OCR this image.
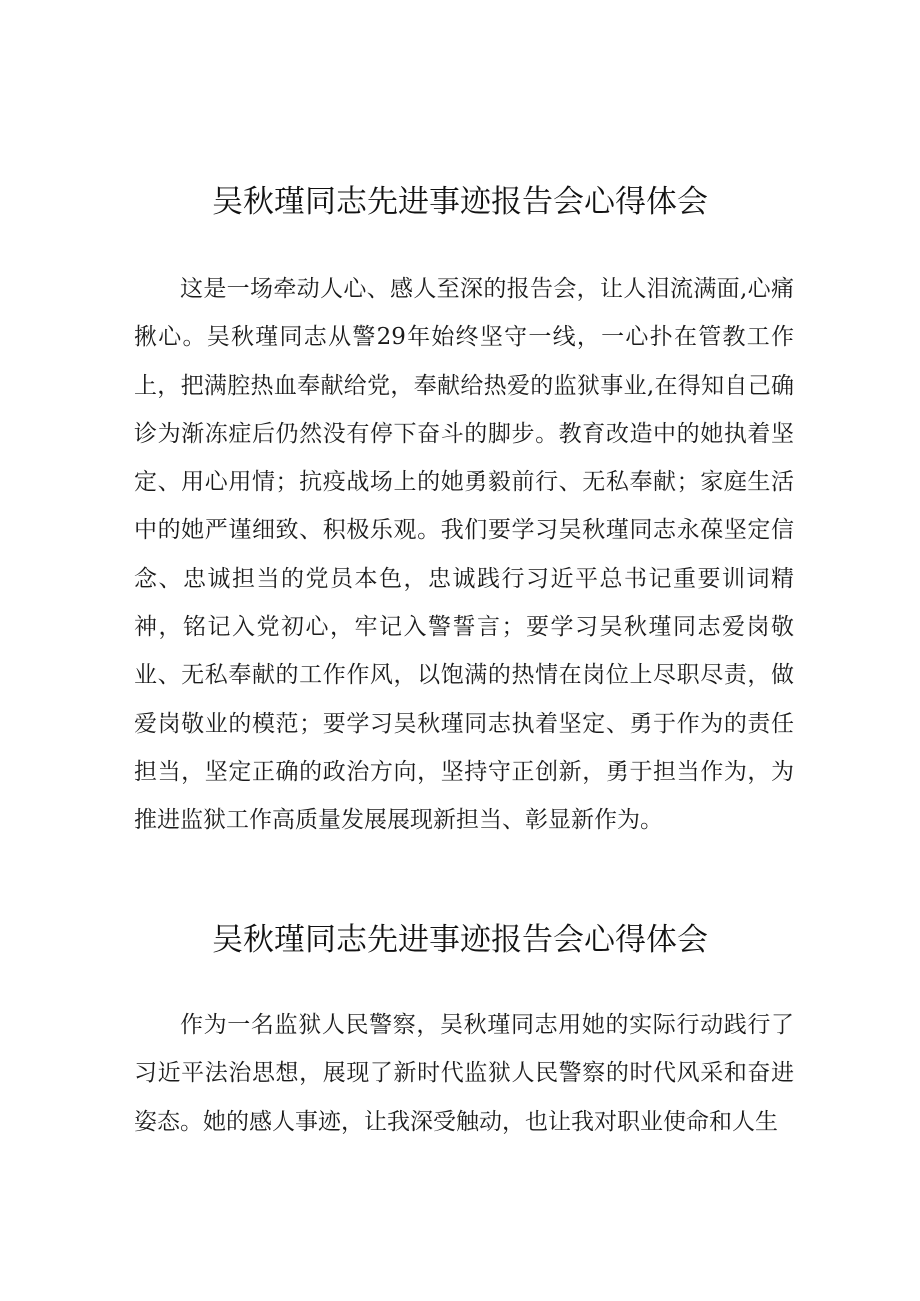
吴秋瑾同志先进事迹报告会心得体会

这是一场牵动人心、感人至深的报告会，让人泪流满面,心痛揪心。吴秋瑾同志从警29年始终坚守一线，一心扑在管教工作上，把满腔热血奉献给党，奉献给热爱的监狱事业,在得知自己确诊为渐冻症后仍然没有停下奋斗的脚步。教育改造中的她执着坚定、用心用情；抗疫战场上的她勇毅前行、无私奉献；家庭生活中的她严谨细致、积极乐观。我们要学习吴秋瑾同志永葆坚定信念、忠诚担当的党员本色，忠诚践行习近平总书记重要训词精神，铭记入党初心，牢记入警誓言；要学习吴秋瑾同志爱岗敬业、无私奉献的工作作风，以饱满的热情在岗位上尽职尽责，做爱岗敬业的模范；要学习吴秋瑾同志执着坚定、勇于作为的责任担当，坚定正确的政治方向，坚持守正创新，勇于担当作为，为推进监狱工作高质量发展展现新担当、彰显新作为。

吴秋瑾同志先进事迹报告会心得体会

作为一名监狱人民警察，吴秋瑾同志用她的实际行动践行了习近平法治思想，展现了新时代监狱人民警察的时代风采和奋进姿态。她的感人事迹，让我深受触动，也让我对职业使命和人生
